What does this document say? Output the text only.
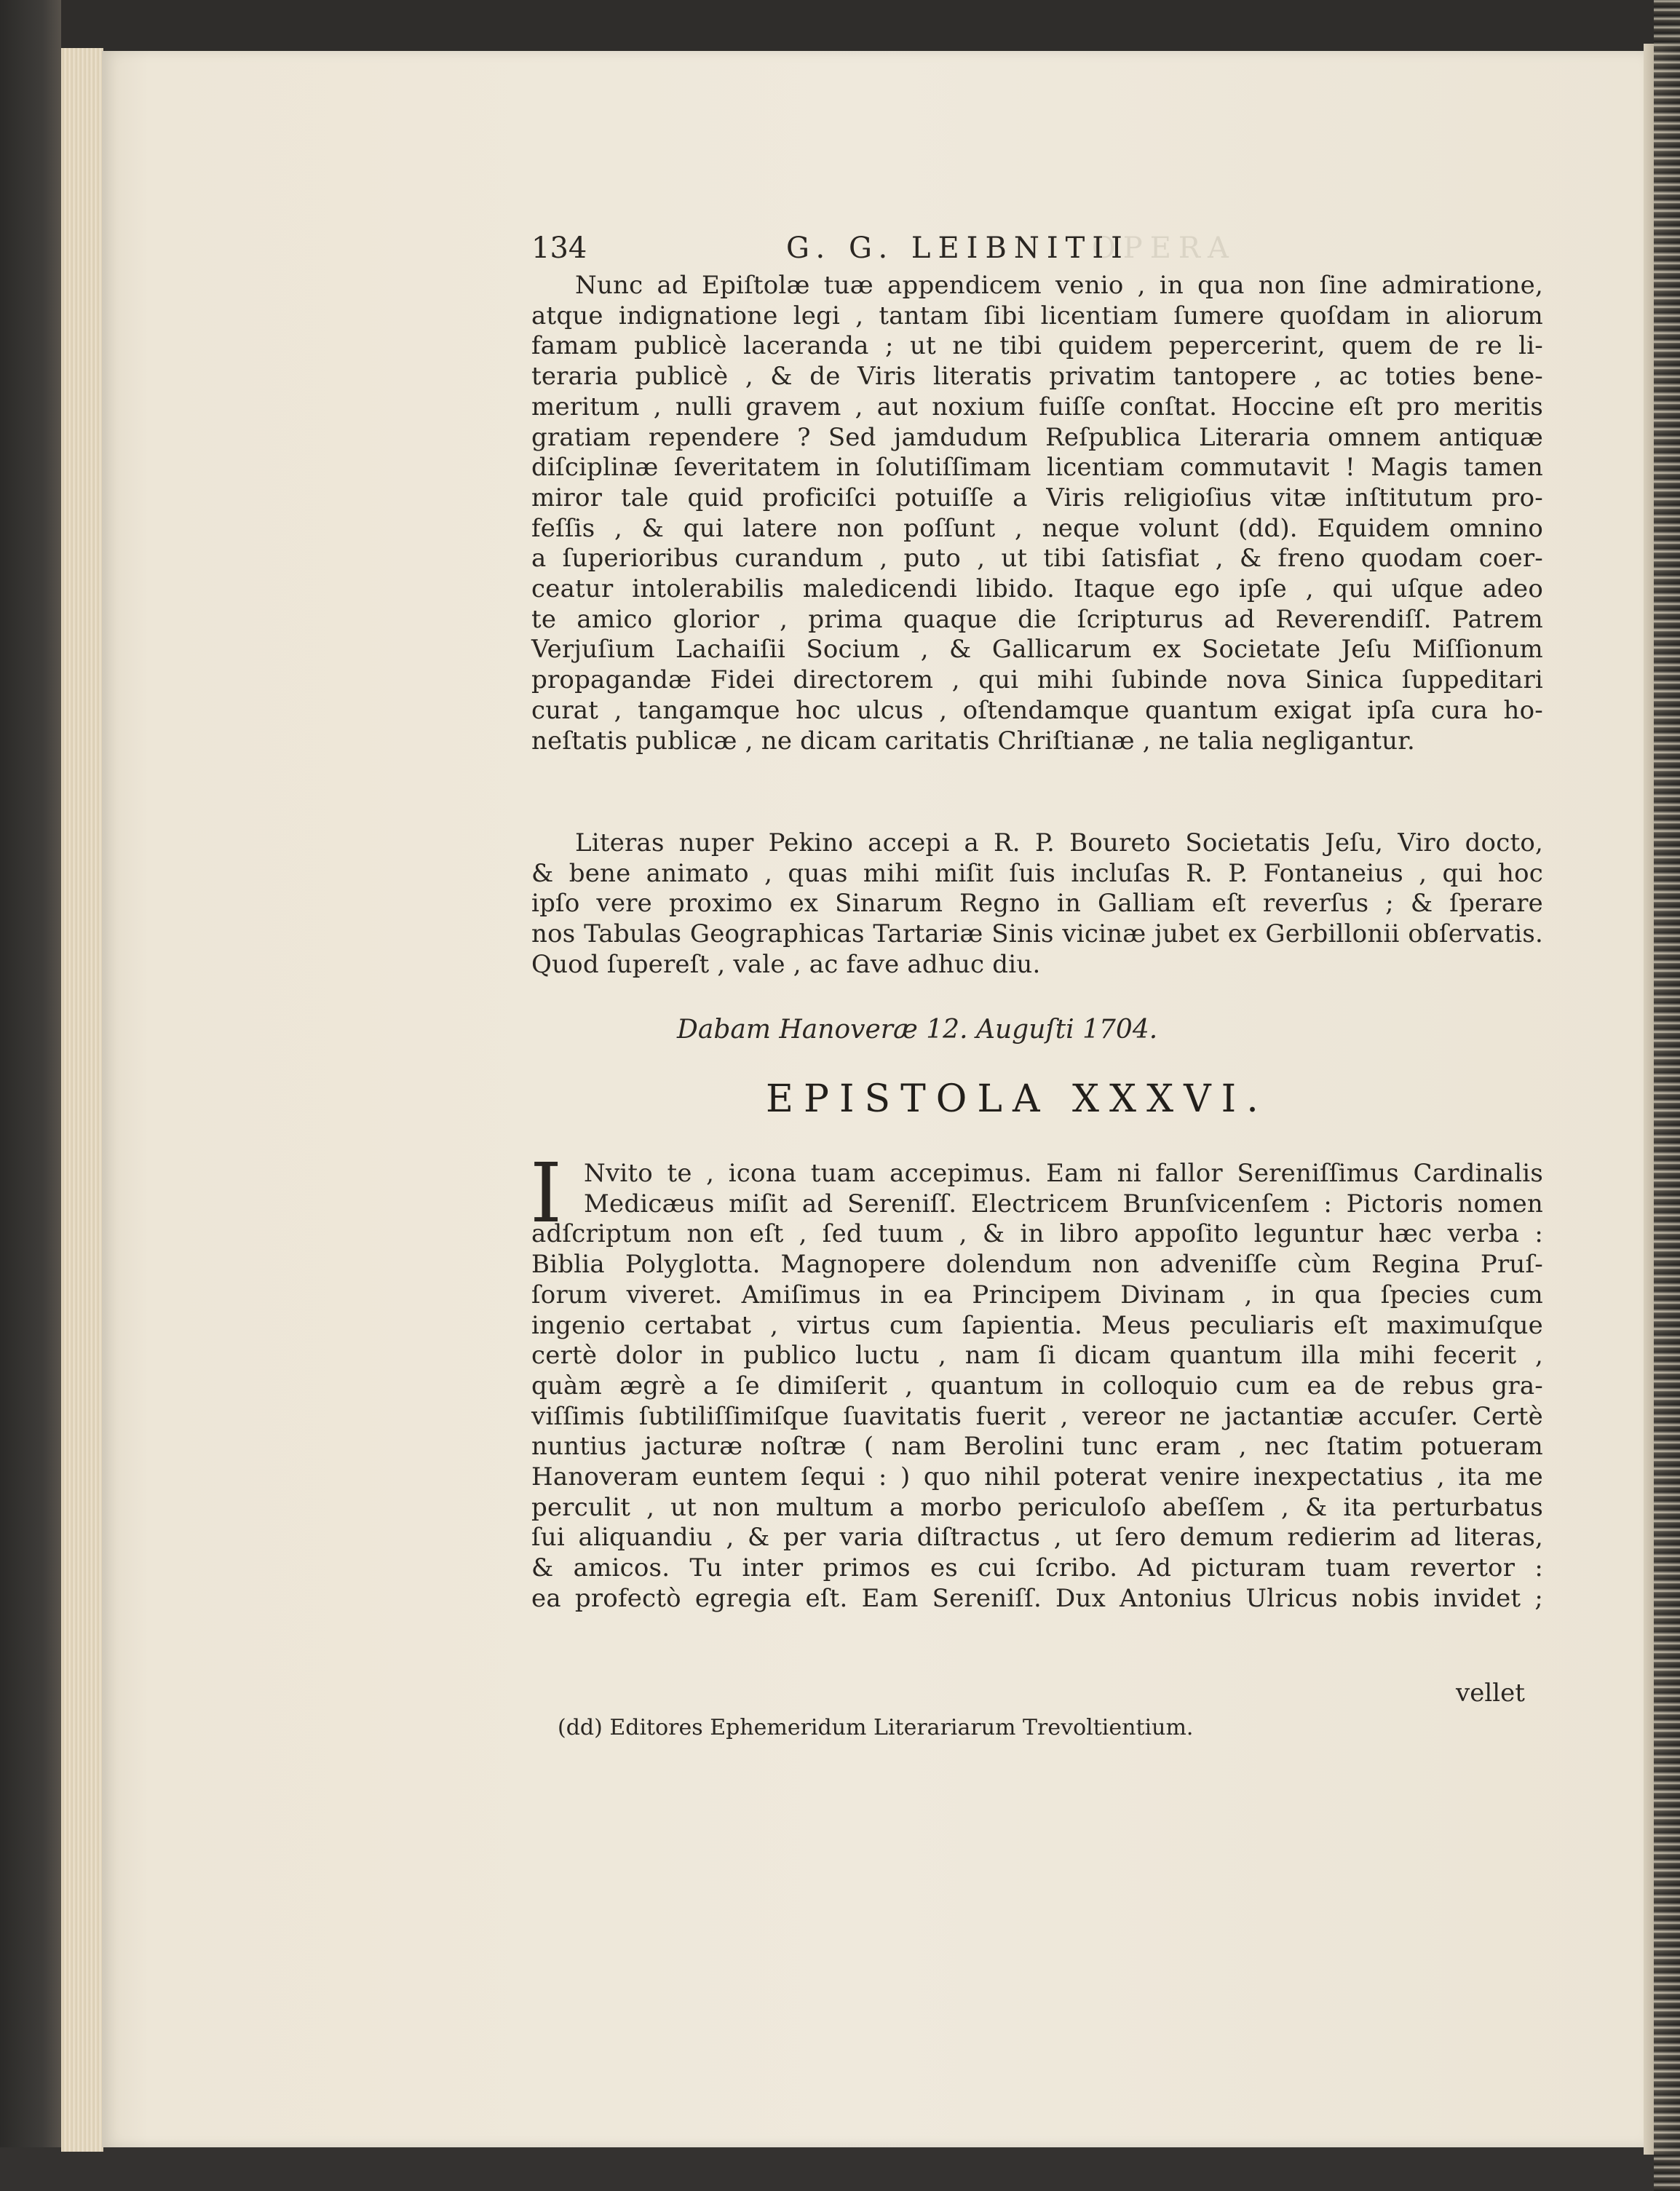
OPERA
134	G. G. LEIBNITII
Nunc ad Epiſtolæ tuæ appendicem venio , in qua non ſine admiratione,
atque indignatione legi , tantam ſibi licentiam ſumere quoſdam in aliorum
famam publicè laceranda ; ut ne tibi quidem pepercerint, quem de re li-
teraria publicè , & de Viris literatis privatim tantopere , ac toties bene-
meritum , nulli gravem , aut noxium fuiſſe conſtat. Hoccine eſt pro meritis
gratiam rependere ? Sed jamdudum Reſpublica Literaria omnem antiquæ
diſciplinæ ſeveritatem in ſolutiſſimam licentiam commutavit ! Magis tamen
miror tale quid proficiſci potuiſſe a Viris religioſius vitæ inſtitutum pro-
feſſis , & qui latere non poſſunt , neque volunt (dd). Equidem omnino
a ſuperioribus curandum , puto , ut tibi ſatisfiat , & freno quodam coer-
ceatur intolerabilis maledicendi libido. Itaque ego ipſe , qui uſque adeo
te amico glorior , prima quaque die ſcripturus ad Reverendiſſ. Patrem
Verjuſium Lachaiſii Socium , & Gallicarum ex Societate Jeſu Miſſionum
propagandæ Fidei directorem , qui mihi ſubinde nova Sinica ſuppeditari
curat , tangamque hoc ulcus , oſtendamque quantum exigat ipſa cura ho-
neſtatis publicæ , ne dicam caritatis Chriſtianæ , ne talia negligantur.
Literas nuper Pekino accepi a R. P. Boureto Societatis Jeſu, Viro docto,
& bene animato , quas mihi miſit ſuis incluſas R. P. Fontaneius , qui hoc
ipſo vere proximo ex Sinarum Regno in Galliam eſt reverſus ; & ſperare
nos Tabulas Geographicas Tartariæ Sinis vicinæ jubet ex Gerbillonii obſervatis.
Quod ſupereſt , vale , ac fave adhuc diu.
Dabam Hanoveræ 12. Auguſti 1704.
EPISTOLA XXXVI.
I Nvito te , icona tuam accepimus. Eam ni fallor Sereniſſimus Cardinalis
Medicæus miſit ad Sereniſſ. Electricem Brunſvicenſem : Pictoris nomen
adſcriptum non eſt , ſed tuum , & in libro appoſito leguntur hæc verba :
Biblia Polyglotta. Magnopere dolendum non adveniſſe cùm Regina Pruſ-
ſorum viveret. Amiſimus in ea Principem Divinam , in qua ſpecies cum
ingenio certabat , virtus cum ſapientia. Meus peculiaris eſt maximuſque
certè dolor in publico luctu , nam ſi dicam quantum illa mihi fecerit ,
quàm ægrè a ſe dimiſerit , quantum in colloquio cum ea de rebus gra-
viſſimis ſubtiliſſimiſque ſuavitatis fuerit , vereor ne jactantiæ accuſer. Certè
nuntius jacturæ noſtræ ( nam Berolini tunc eram , nec ſtatim potueram
Hanoveram euntem ſequi : ) quo nihil poterat venire inexpectatius , ita me
perculit , ut non multum a morbo periculoſo abeſſem , & ita perturbatus
ſui aliquandiu , & per varia diſtractus , ut ſero demum redierim ad literas,
& amicos. Tu inter primos es cui ſcribo. Ad picturam tuam revertor :
ea profectò egregia eſt. Eam Sereniſſ. Dux Antonius Ulricus nobis invidet ;
vellet
(dd) Editores Ephemeridum Literariarum Trevoltientium.
